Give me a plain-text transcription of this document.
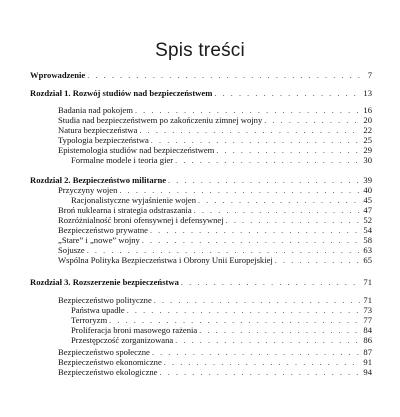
Spis treści
Wprowadzenie . . .	7
Rozdział 1. Rozwój studiów nad bezpieczeństwem . . .	13
Badania nad pokojem . . .	16
Studia nad bezpieczeństwem po zakończeniu zimnej wojny . . .	20
Natura bezpieczeństwa . . .	22
Typologia bezpieczeństwa . . .	25
Epistemologia studiów nad bezpieczeństwem . . .	29
Formalne modele i teoria gier . . .	30
Rozdział 2. Bezpieczeństwo militarne . . .	39
Przyczyny wojen . . .	40
Racjonalistyczne wyjaśnienie wojen . . .	45
Broń nuklearna i strategia odstraszania . . .	47
Rozróżnialność broni ofensywnej i defensywnej . . .	52
Bezpieczeństwo prywatne . . .	54
„Stare” i „nowe” wojny . . .	58
Sojusze . . .	63
Wspólna Polityka Bezpieczeństwa i Obrony Unii Europejskiej . . .	65
Rozdział 3. Rozszerzenie bezpieczeństwa . . .	71
Bezpieczeństwo polityczne . . .	71
Państwa upadłe . . .	73
Terroryzm . . .	77
Proliferacja broni masowego rażenia . . .	84
Przestępczość zorganizowana . . .	86
Bezpieczeństwo społeczne . . .	87
Bezpieczeństwo ekonomiczne . . .	91
Bezpieczeństwo ekologiczne . . .	94
